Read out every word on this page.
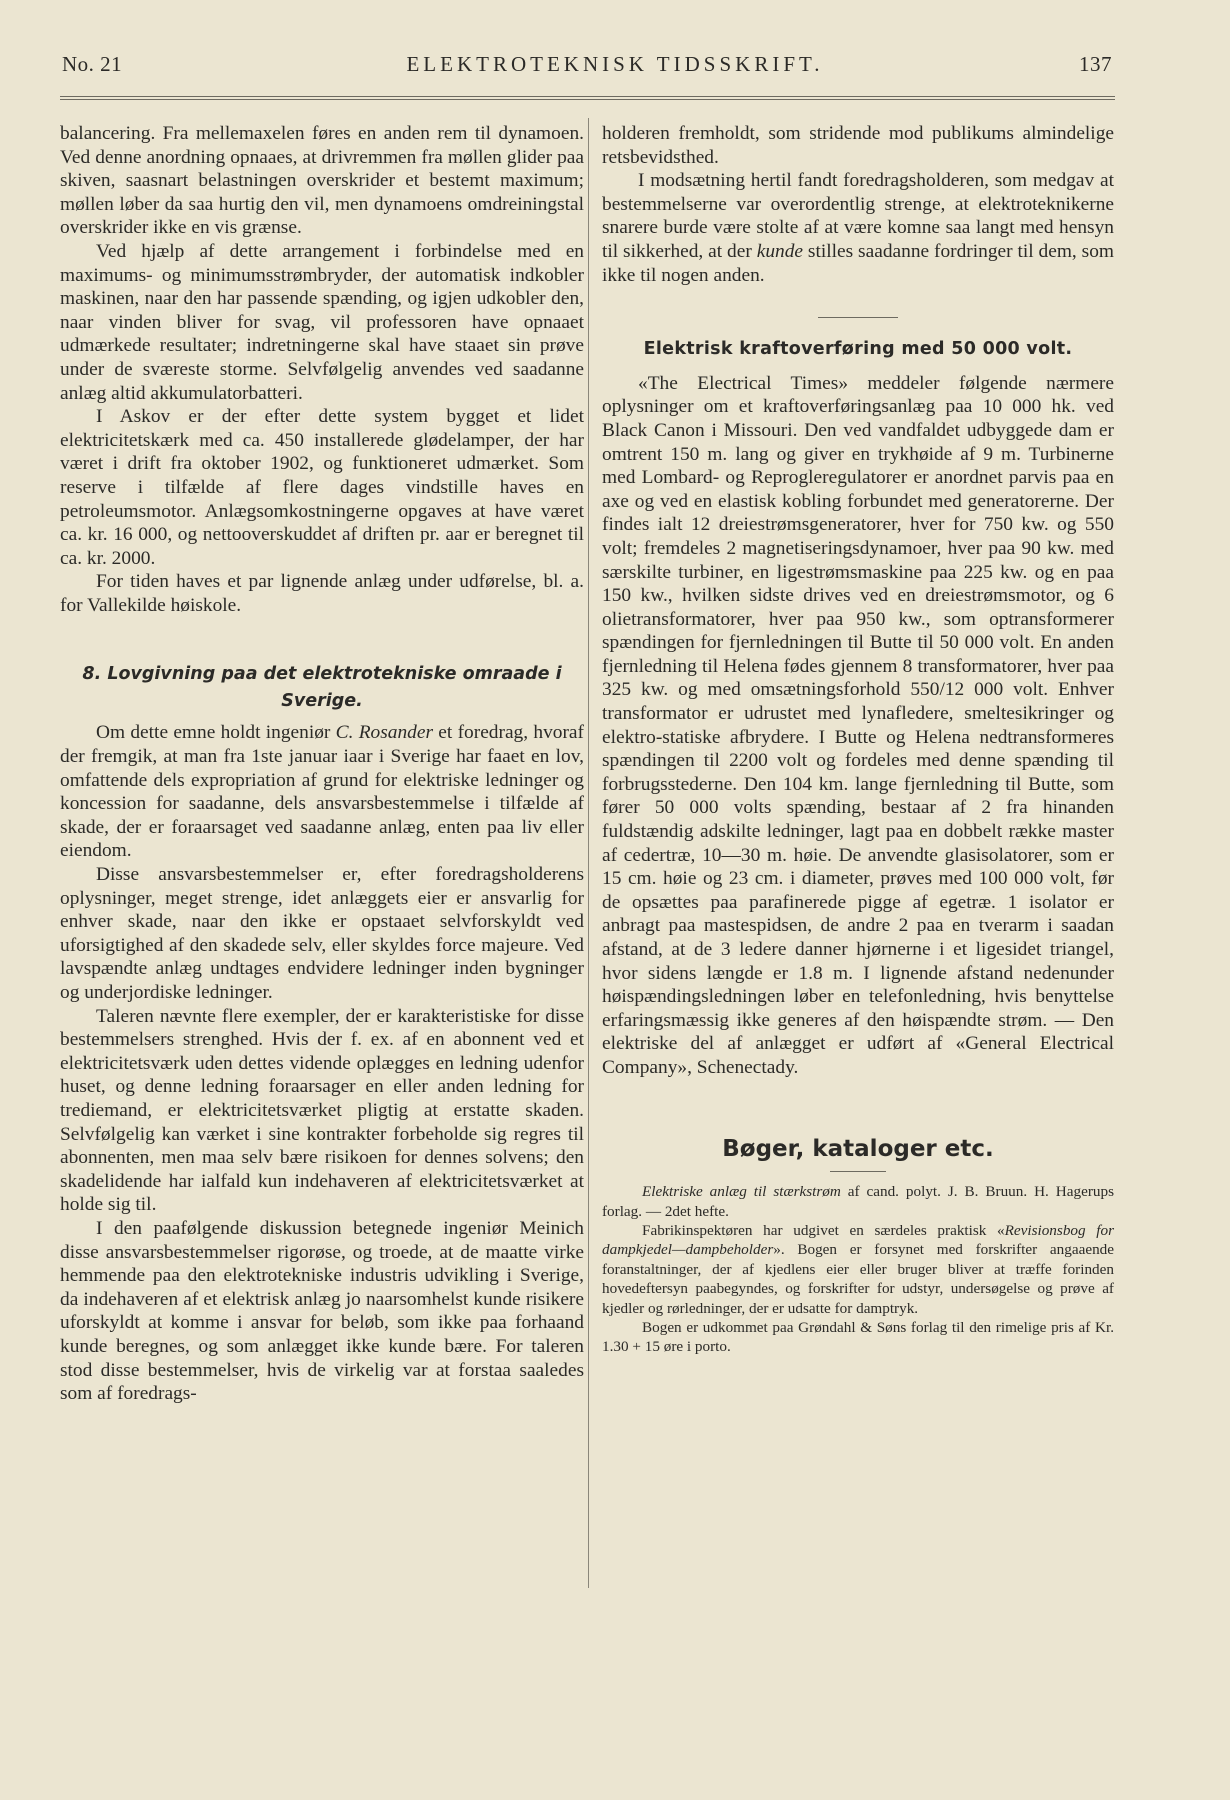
ELEKTROTEKNISK TIDSSKRIFT.
No. 21	137

balancering. Fra mellemaxelen føres en anden rem til dynamoen. Ved denne anordning opnaaes, at drivremmen fra møllen glider paa skiven, saasnart belastningen overskrider et bestemt maximum; møllen løber da saa hurtig den vil, men dynamoens omdreiningstal overskrider ikke en vis grænse.

Ved hjælp af dette arrangement i forbindelse med en maximums- og minimumsstrømbryder, der automatisk indkobler maskinen, naar den har passende spænding, og igjen udkobler den, naar vinden bliver for svag, vil professoren have opnaaet udmærkede resultater; indretningerne skal have staaet sin prøve under de sværeste storme. Selvfølgelig anvendes ved saadanne anlæg altid akkumulatorbatteri.

I Askov er der efter dette system bygget et lidet elektricitetskærk med ca. 450 installerede glødelamper, der har været i drift fra oktober 1902, og funktioneret udmærket. Som reserve i tilfælde af flere dages vindstille haves en petroleumsmotor. Anlægsomkostningerne opgaves at have været ca. kr. 16 000, og nettooverskuddet af driften pr. aar er beregnet til ca. kr. 2000.

For tiden haves et par lignende anlæg under udførelse, bl. a. for Vallekilde høiskole.

8. Lovgivning paa det elektrotekniske omraade i Sverige.

Om dette emne holdt ingeniør C. Rosander et foredrag, hvoraf der fremgik, at man fra 1ste januar iaar i Sverige har faaet en lov, omfattende dels expropriation af grund for elektriske ledninger og koncession for saadanne, dels ansvarsbestemmelse i tilfælde af skade, der er foraarsaget ved saadanne anlæg, enten paa liv eller eiendom.

Disse ansvarsbestemmelser er, efter foredragsholderens oplysninger, meget strenge, idet anlæggets eier er ansvarlig for enhver skade, naar den ikke er opstaaet selvforskyldt ved uforsigtighed af den skadede selv, eller skyldes force majeure. Ved lavspændte anlæg undtages endvidere ledninger inden bygninger og underjordiske ledninger.

Taleren nævnte flere exempler, der er karakteristiske for disse bestemmelsers strenghed. Hvis der f. ex. af en abonnent ved et elektricitetsværk uden dettes vidende oplægges en ledning udenfor huset, og denne ledning foraarsager en eller anden ledning for trediemand, er elektricitetsværket pligtig at erstatte skaden. Selvfølgelig kan værket i sine kontrakter forbeholde sig regres til abonnenten, men maa selv bære risikoen for dennes solvens; den skadelidende har ialfald kun indehaveren af elektricitetsværket at holde sig til.

I den paafølgende diskussion betegnede ingeniør Meinich disse ansvarsbestemmelser rigorøse, og troede, at de maatte virke hemmende paa den elektrotekniske industris udvikling i Sverige, da indehaveren af et elektrisk anlæg jo naarsomhelst kunde risikere uforskyldt at komme i ansvar for beløb, som ikke paa forhaand kunde beregnes, og som anlægget ikke kunde bære. For taleren stod disse bestemmelser, hvis de virkelig var at forstaa saaledes som af foredrags-

holderen fremholdt, som stridende mod publikums almindelige retsbevidsthed.

I modsætning hertil fandt foredragsholderen, som medgav at bestemmelserne var overordentlig strenge, at elektroteknikerne snarere burde være stolte af at være komne saa langt med hensyn til sikkerhed, at der kunde stilles saadanne fordringer til dem, som ikke til nogen anden.

Elektrisk kraftoverføring med 50 000 volt.

«The Electrical Times» meddeler følgende nærmere oplysninger om et kraftoverføringsanlæg paa 10 000 hk. ved Black Canon i Missouri. Den ved vandfaldet udbyggede dam er omtrent 150 m. lang og giver en trykhøide af 9 m. Turbinerne med Lombard- og Reprogleregulatorer er anordnet parvis paa en axe og ved en elastisk kobling forbundet med generatorerne. Der findes ialt 12 dreiestrømsgeneratorer, hver for 750 kw. og 550 volt; fremdeles 2 magnetiseringsdynamoer, hver paa 90 kw. med særskilte turbiner, en ligestrømsmaskine paa 225 kw. og en paa 150 kw., hvilken sidste drives ved en dreiestrømsmotor, og 6 olietransformatorer, hver paa 950 kw., som optransformerer spændingen for fjernledningen til Butte til 50 000 volt. En anden fjernledning til Helena fødes gjennem 8 transformatorer, hver paa 325 kw. og med omsætningsforhold 550/12 000 volt. Enhver transformator er udrustet med lynafledere, smeltesikringer og elektro-statiske afbrydere. I Butte og Helena nedtransformeres spændingen til 2200 volt og fordeles med denne spænding til forbrugsstederne. Den 104 km. lange fjernledning til Butte, som fører 50 000 volts spænding, bestaar af 2 fra hinanden fuldstændig adskilte ledninger, lagt paa en dobbelt række master af cedertræ, 10—30 m. høie. De anvendte glasisolatorer, som er 15 cm. høie og 23 cm. i diameter, prøves med 100 000 volt, før de opsættes paa parafinerede pigge af egetræ. 1 isolator er anbragt paa mastespidsen, de andre 2 paa en tverarm i saadan afstand, at de 3 ledere danner hjørnerne i et ligesidet triangel, hvor sidens længde er 1.8 m. I lignende afstand nedenunder høispændingsledningen løber en telefonledning, hvis benyttelse erfaringsmæssig ikke generes af den høispændte strøm. — Den elektriske del af anlægget er udført af «General Electrical Company», Schenectady.

Bøger, kataloger etc.

Elektriske anlæg til stærkstrøm af cand. polyt. J. B. Bruun. H. Hagerups forlag. — 2det hefte.

Fabrikinspektøren har udgivet en særdeles praktisk «Revisionsbog for dampkjedel—dampbeholder». Bogen er forsynet med forskrifter angaaende foranstaltninger, der af kjedlens eier eller bruger bliver at træffe forinden hovedeftersyn paabegyndes, og forskrifter for udstyr, undersøgelse og prøve af kjedler og rørledninger, der er udsatte for damptryk.

Bogen er udkommet paa Grøndahl & Søns forlag til den rimelige pris af Kr. 1.30 + 15 øre i porto.
